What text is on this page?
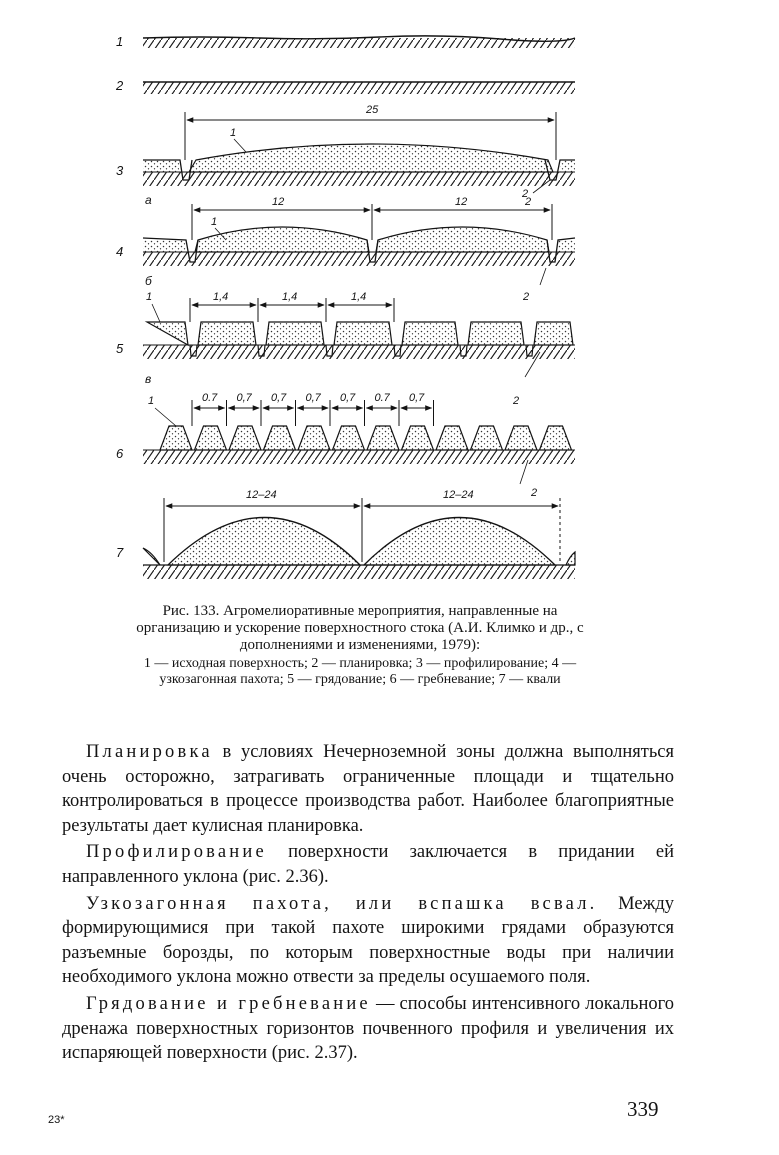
1
2
3
4
5
6
7
а
б
в
25
1
2
12	12
1
2
1,4	1,4	1,4
1	2
0.7 0,7 0,7 0,7 0,7 0.7 0,7
1	2
12–24	12–24	2
Рис. 133. Агромелиоративные мероприятия, направленные на организацию и ускорение поверхностного стока (А.И. Климко и др., с дополнениями и изменениями, 1979):
1 — исходная поверхность; 2 — планировка; 3 — профилирование; 4 — узкозагонная пахота; 5 — грядование; 6 — гребневание; 7 — квали

Планировка в условиях Нечерноземной зоны должна выполняться очень осторожно, затрагивать ограниченные площади и тщательно контролироваться в процессе производства работ. Наиболее благоприятные результаты дает кулисная планировка.

Профилирование поверхности заключается в придании ей направленного уклона (рис. 2.36).

Узкозагонная пахота, или вспашка всвал. Между формирующимися при такой пахоте широкими грядами образуются разъемные борозды, по которым поверхностные воды при наличии необходимого уклона можно отвести за пределы осушаемого поля.

Грядование и гребневание — способы интенсивного локального дренажа поверхностных горизонтов почвенного профиля и увеличения их испаряющей поверхности (рис. 2.37).

339
23*
